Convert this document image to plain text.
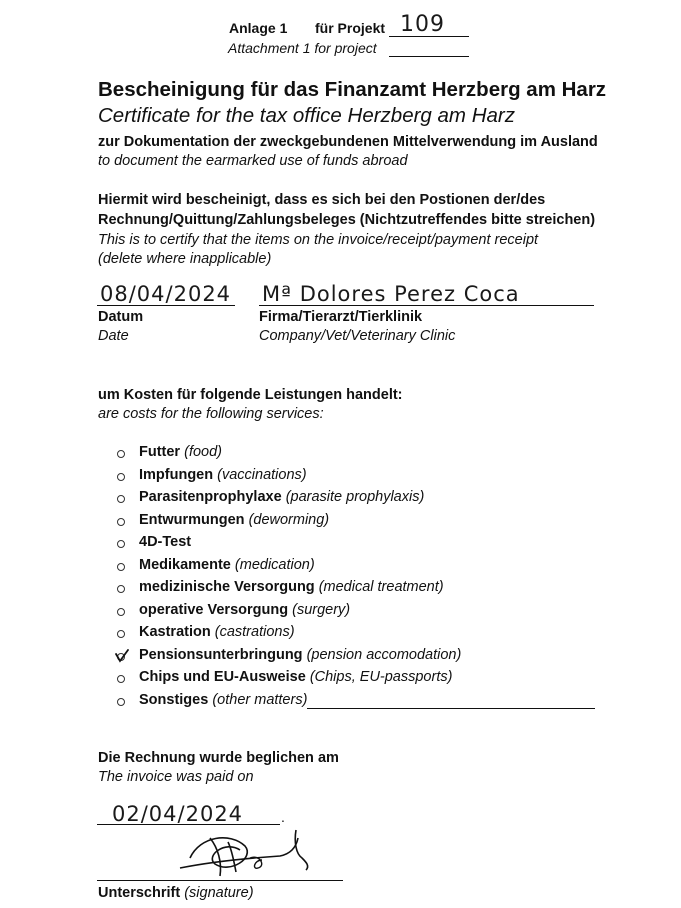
Anlage 1 für Projekt 109
Attachment 1 for project
Bescheinigung für das Finanzamt Herzberg am Harz
Certificate for the tax office Herzberg am Harz
zur Dokumentation der zweckgebundenen Mittelverwendung im Ausland
to document the earmarked use of funds abroad
Hiermit wird bescheinigt, dass es sich bei den Postionen der/des
Rechnung/Quittung/Zahlungsbeleges (Nichtzutreffendes bitte streichen)
This is to certify that the items on the invoice/receipt/payment receipt
(delete where inapplicable)
08/04/2024 Mª Dolores Perez Coca
Datum
Date
Firma/Tierarzt/Tierklinik
Company/Vet/Veterinary Clinic
um Kosten für folgende Leistungen handelt:
are costs for the following services:
Futter (food)
Impfungen (vaccinations)
Parasitenprophylaxe (parasite prophylaxis)
Entwurmungen (deworming)
4D-Test
Medikamente (medication)
medizinische Versorgung (medical treatment)
operative Versorgung (surgery)
Kastration (castrations)
Pensionsunterbringung (pension accomodation)
Chips und EU-Ausweise (Chips, EU-passports)
Sonstiges (other matters)
Die Rechnung wurde beglichen am
The invoice was paid on
02/04/2024	.
Unterschrift (signature)
